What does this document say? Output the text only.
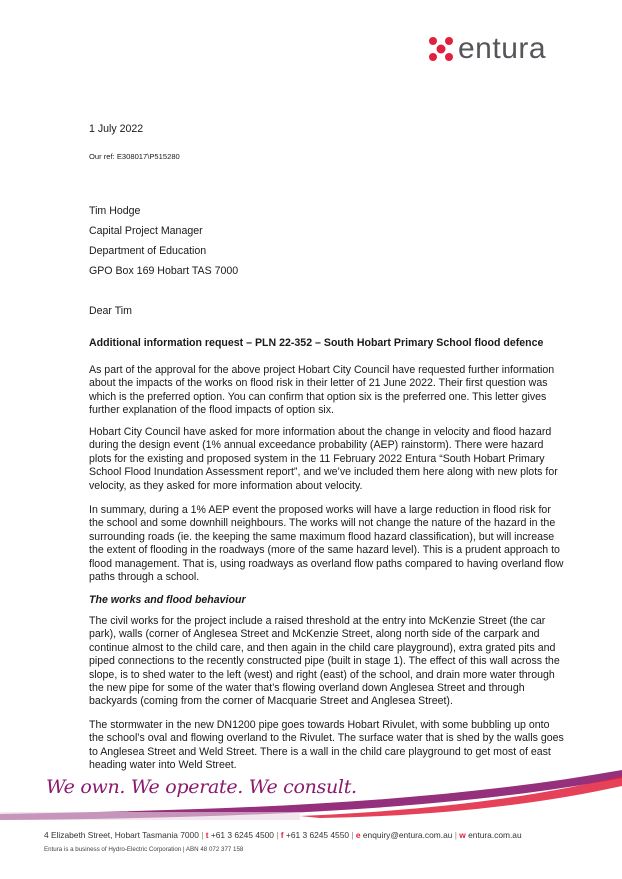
entura
1 July 2022
Our ref: E308017\P515280
Tim Hodge
Capital Project Manager
Department of Education
GPO Box 169 Hobart TAS 7000
Dear Tim
Additional information request – PLN 22-352 – South Hobart Primary School flood defence
As part of the approval for the above project Hobart City Council have requested further information
about the impacts of the works on flood risk in their letter of 21 June 2022. Their first question was
which is the preferred option. You can confirm that option six is the preferred one. This letter gives
further explanation of the flood impacts of option six.
Hobart City Council have asked for more information about the change in velocity and flood hazard
during the design event (1% annual exceedance probability (AEP) rainstorm). There were hazard
plots for the existing and proposed system in the 11 February 2022 Entura “South Hobart Primary
School Flood Inundation Assessment report”, and we’ve included them here along with new plots for
velocity, as they asked for more information about velocity.
In summary, during a 1% AEP event the proposed works will have a large reduction in flood risk for
the school and some downhill neighbours. The works will not change the nature of the hazard in the
surrounding roads (ie. the keeping the same maximum flood hazard classification), but will increase
the extent of flooding in the roadways (more of the same hazard level). This is a prudent approach to
flood management. That is, using roadways as overland flow paths compared to having overland flow
paths through a school.
The works and flood behaviour
The civil works for the project include a raised threshold at the entry into McKenzie Street (the car
park), walls (corner of Anglesea Street and McKenzie Street, along north side of the carpark and
continue almost to the child care, and then again in the child care playground), extra grated pits and
piped connections to the recently constructed pipe (built in stage 1). The effect of this wall across the
slope, is to shed water to the left (west) and right (east) of the school, and drain more water through
the new pipe for some of the water that’s flowing overland down Anglesea Street and through
backyards (coming from the corner of Macquarie Street and Anglesea Street).
The stormwater in the new DN1200 pipe goes towards Hobart Rivulet, with some bubbling up onto
the school’s oval and flowing overland to the Rivulet. The surface water that is shed by the walls goes
to Anglesea Street and Weld Street. There is a wall in the child care playground to get most of east
heading water into Weld Street.
We own. We operate. We consult.
4 Elizabeth Street, Hobart Tasmania 7000 | t +61 3 6245 4500 | f +61 3 6245 4550 | e enquiry@entura.com.au | w entura.com.au
Entura is a business of Hydro-Electric Corporation | ABN 48 072 377 158
